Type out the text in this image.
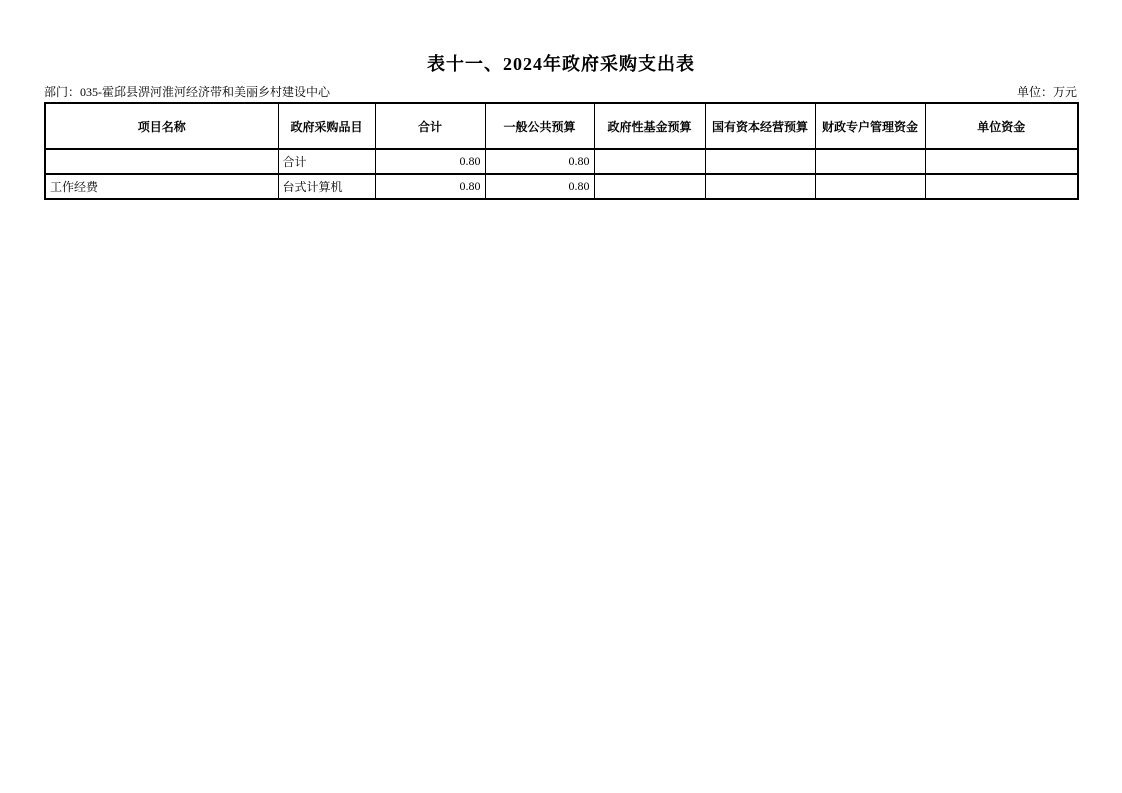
表十一、2024年政府采购支出表
部门：035-霍邱县淠河淮河经济带和美丽乡村建设中心	单位：万元
项目名称	政府采购品目	合计	一般公共预算	政府性基金预算	国有资本经营预算	财政专户管理资金	单位资金
	合计	0.80	0.80				
工作经费	台式计算机	0.80	0.80				
